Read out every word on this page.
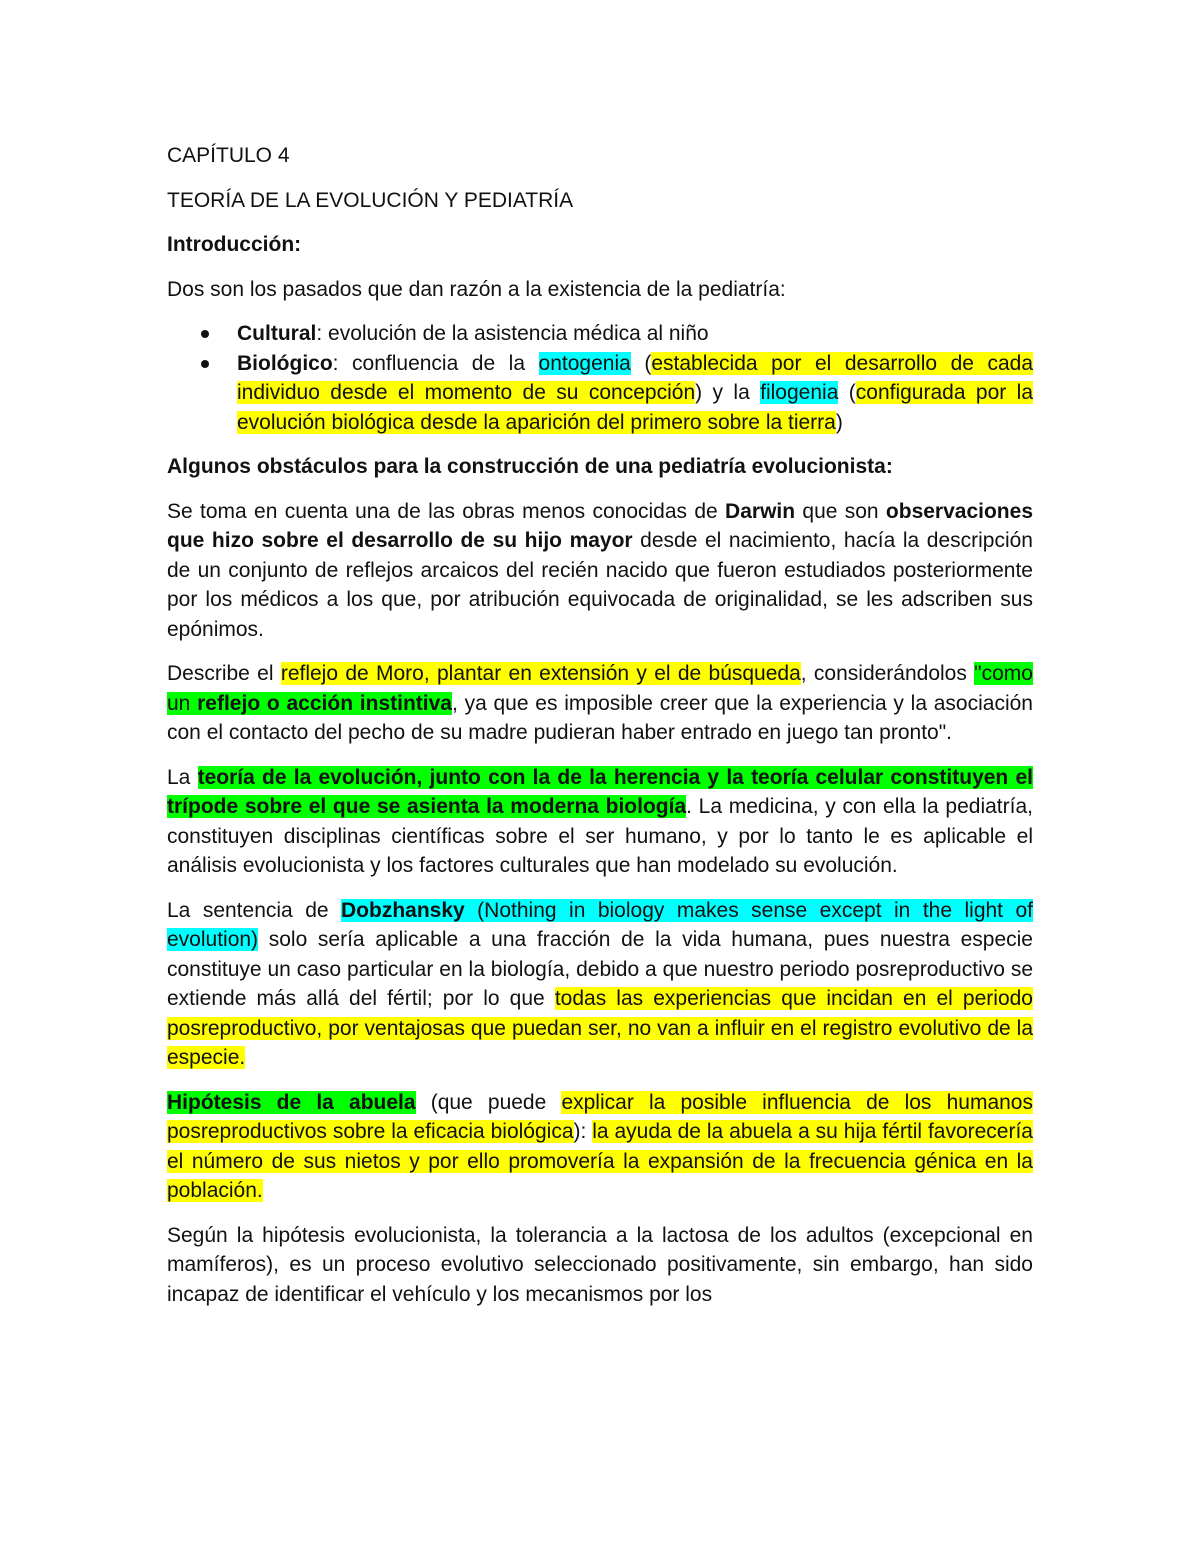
CAPÍTULO 4
TEORÍA DE LA EVOLUCIÓN Y PEDIATRÍA
Introducción:
Dos son los pasados que dan razón a la existencia de la pediatría:
Cultural: evolución de la asistencia médica al niño
Biológico: confluencia de la ontogenia (establecida por el desarrollo de cada individuo desde el momento de su concepción) y la filogenia (configurada por la evolución biológica desde la aparición del primero sobre la tierra)
Algunos obstáculos para la construcción de una pediatría evolucionista:

Se toma en cuenta una de las obras menos conocidas de Darwin que son observaciones que hizo sobre el desarrollo de su hijo mayor desde el nacimiento, hacía la descripción de un conjunto de reflejos arcaicos del recién nacido que fueron estudiados posteriormente por los médicos a los que, por atribución equivocada de originalidad, se les adscriben sus epónimos.

Describe el reflejo de Moro, plantar en extensión y el de búsqueda, considerándolos "como un reflejo o acción instintiva, ya que es imposible creer que la experiencia y la asociación con el contacto del pecho de su madre pudieran haber entrado en juego tan pronto".

La teoría de la evolución, junto con la de la herencia y la teoría celular constituyen el trípode sobre el que se asienta la moderna biología. La medicina, y con ella la pediatría, constituyen disciplinas científicas sobre el ser humano, y por lo tanto le es aplicable el análisis evolucionista y los factores culturales que han modelado su evolución.

La sentencia de Dobzhansky (Nothing in biology makes sense except in the light of evolution) solo sería aplicable a una fracción de la vida humana, pues nuestra especie constituye un caso particular en la biología, debido a que nuestro periodo posreproductivo se extiende más allá del fértil; por lo que todas las experiencias que incidan en el periodo posreproductivo, por ventajosas que puedan ser, no van a influir en el registro evolutivo de la especie.

Hipótesis de la abuela (que puede explicar la posible influencia de los humanos posreproductivos sobre la eficacia biológica): la ayuda de la abuela a su hija fértil favorecería el número de sus nietos y por ello promovería la expansión de la frecuencia génica en la población.

Según la hipótesis evolucionista, la tolerancia a la lactosa de los adultos (excepcional en mamíferos), es un proceso evolutivo seleccionado positivamente, sin embargo, han sido incapaz de identificar el vehículo y los mecanismos por los
